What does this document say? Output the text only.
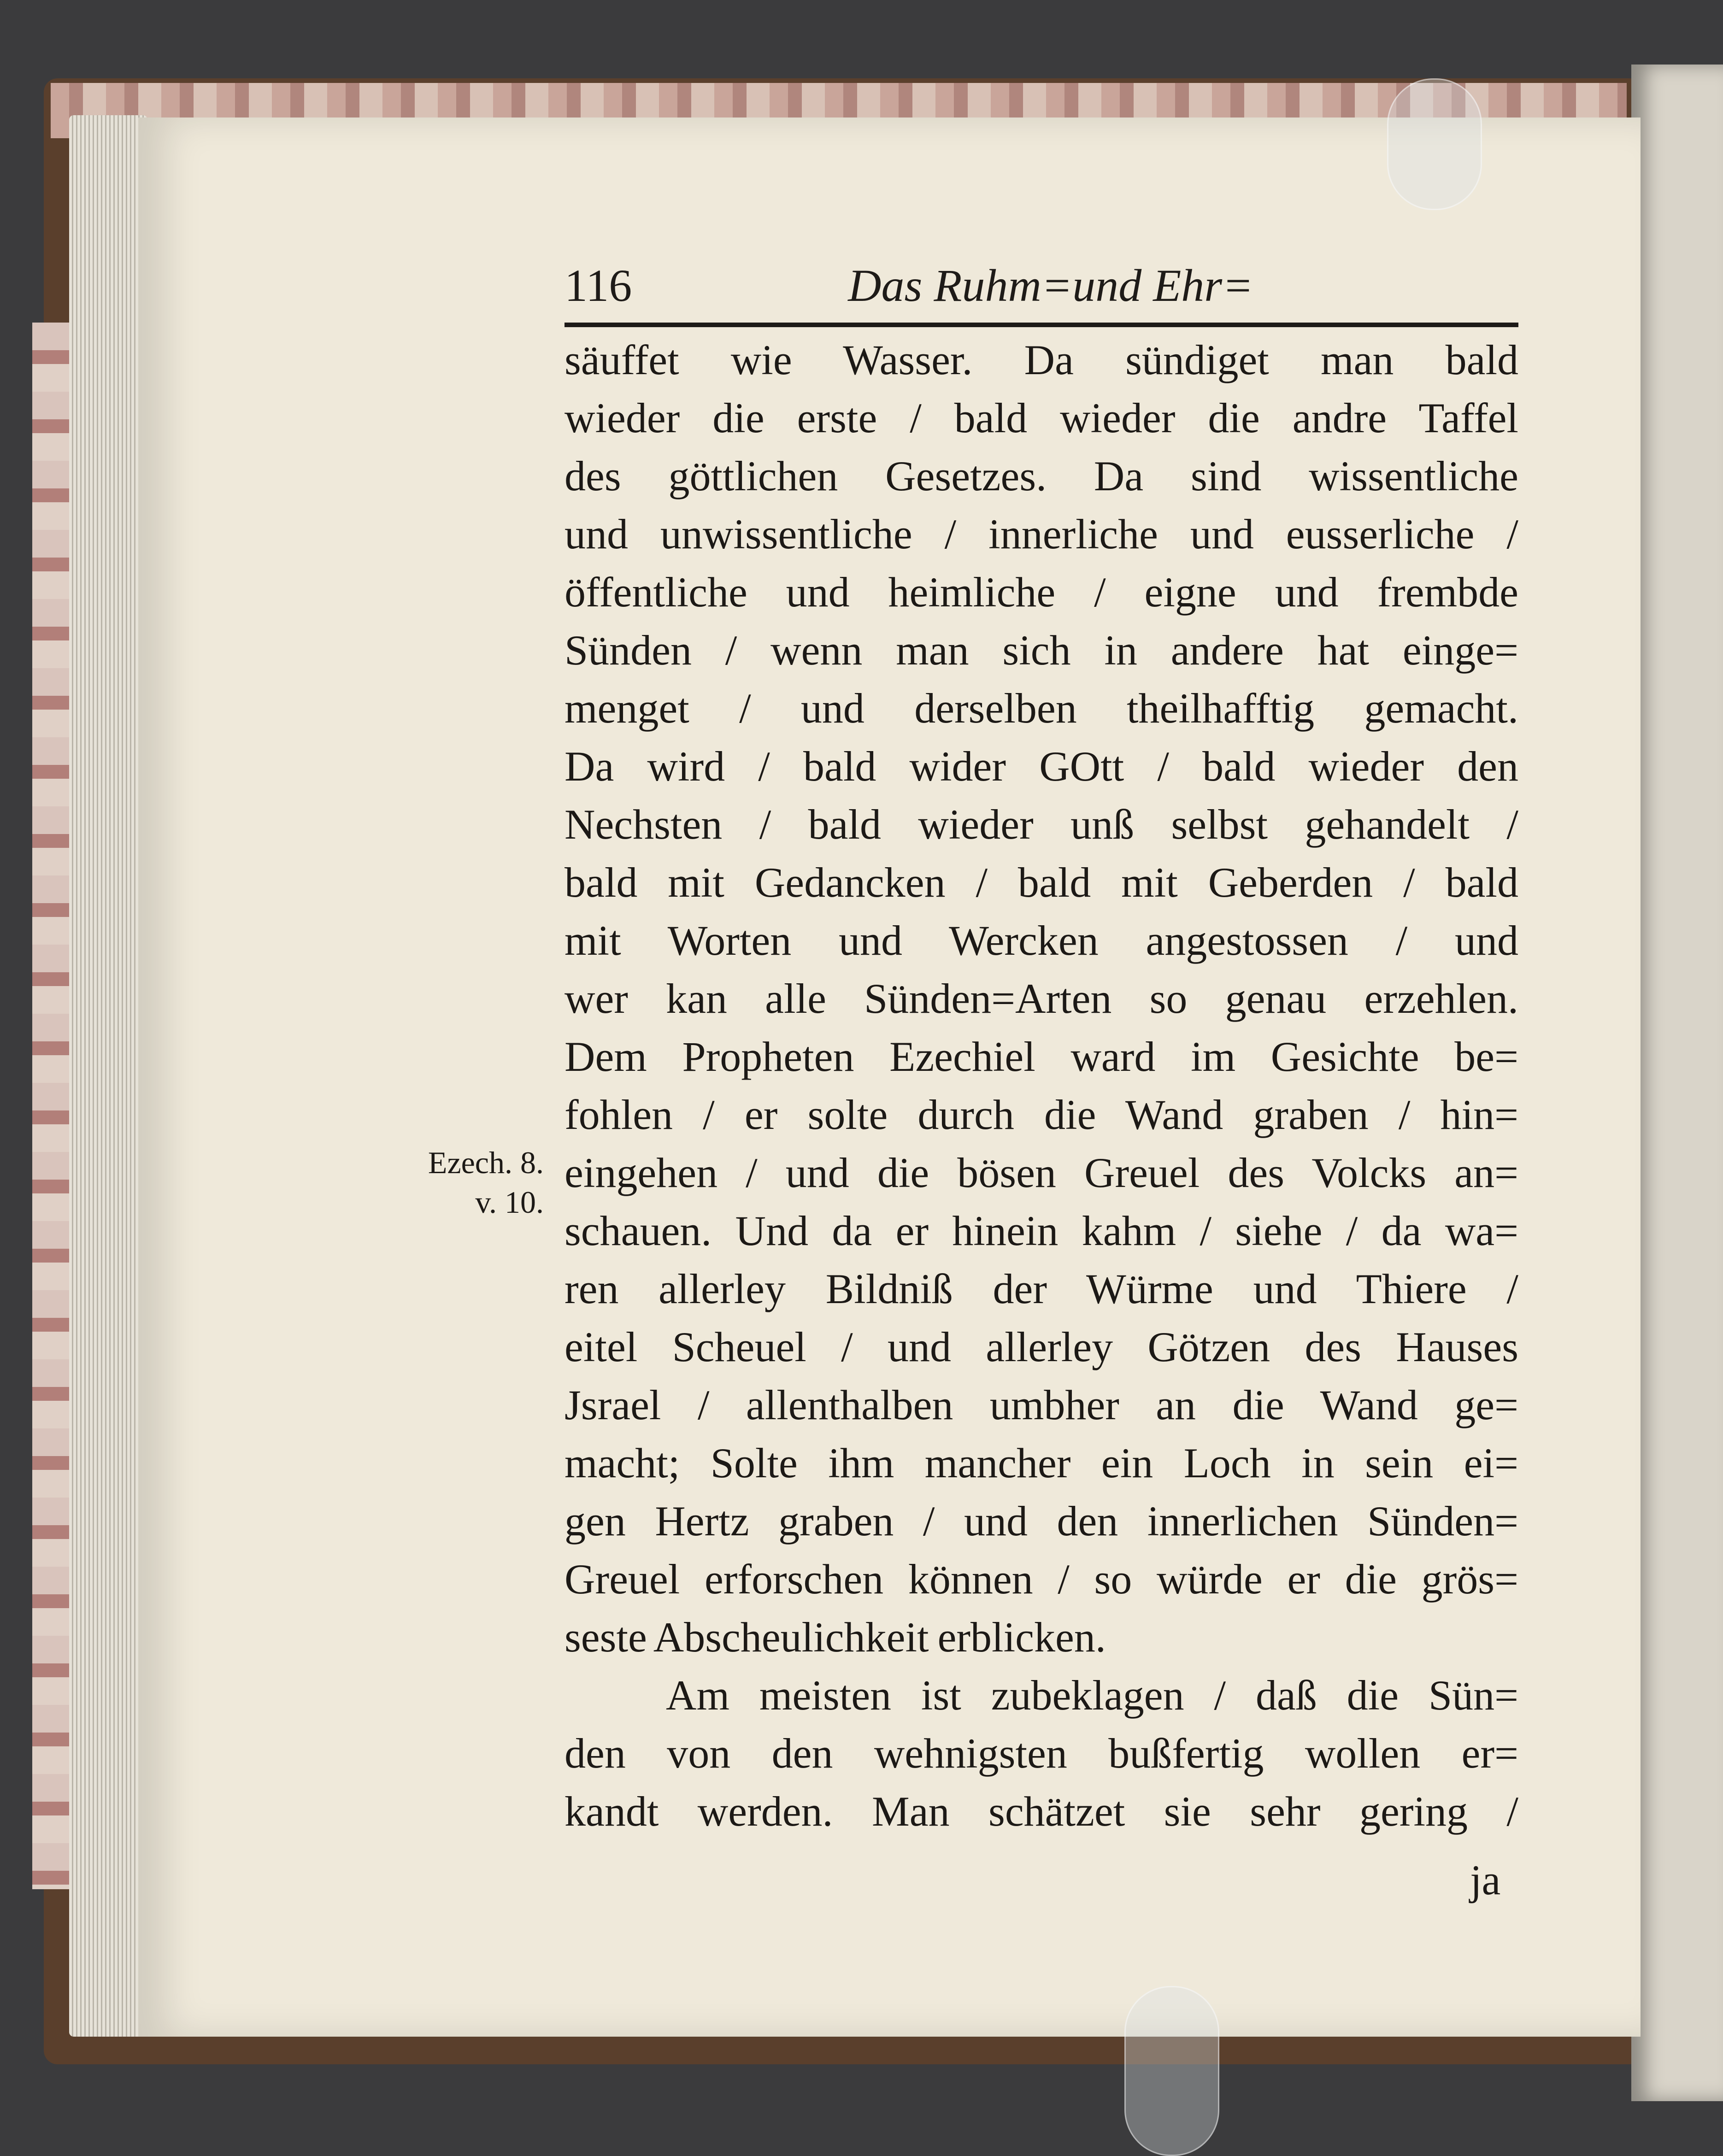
116	Das Ruhm=und Ehr=
Ezech. 8.
v. 10.
säuffet wie Wasser. Da sündiget man bald
wieder die erste / bald wieder die andre Taffel
des göttlichen Gesetzes. Da sind wissentliche
und unwissentliche / innerliche und eusserliche /
öffentliche und heimliche / eigne und frembde
Sünden / wenn man sich in andere hat einge=
menget / und derselben theilhafftig gemacht.
Da wird / bald wider GOtt / bald wieder den
Nechsten / bald wieder unß selbst gehandelt /
bald mit Gedancken / bald mit Geberden / bald
mit Worten und Wercken angestossen / und
wer kan alle Sünden=Arten so genau erzehlen.
Dem Propheten Ezechiel ward im Gesichte be=
fohlen / er solte durch die Wand graben / hin=
eingehen / und die bösen Greuel des Volcks an=
schauen. Und da er hinein kahm / siehe / da wa=
ren allerley Bildniß der Würme und Thiere /
eitel Scheuel / und allerley Götzen des Hauses
Jsrael / allenthalben umbher an die Wand ge=
macht; Solte ihm mancher ein Loch in sein ei=
gen Hertz graben / und den innerlichen Sünden=
Greuel erforschen können / so würde er die grös=
seste Abscheulichkeit erblicken.
Am meisten ist zubeklagen / daß die Sün=
den von den wehnigsten bußfertig wollen er=
kandt werden. Man schätzet sie sehr gering /
ja
